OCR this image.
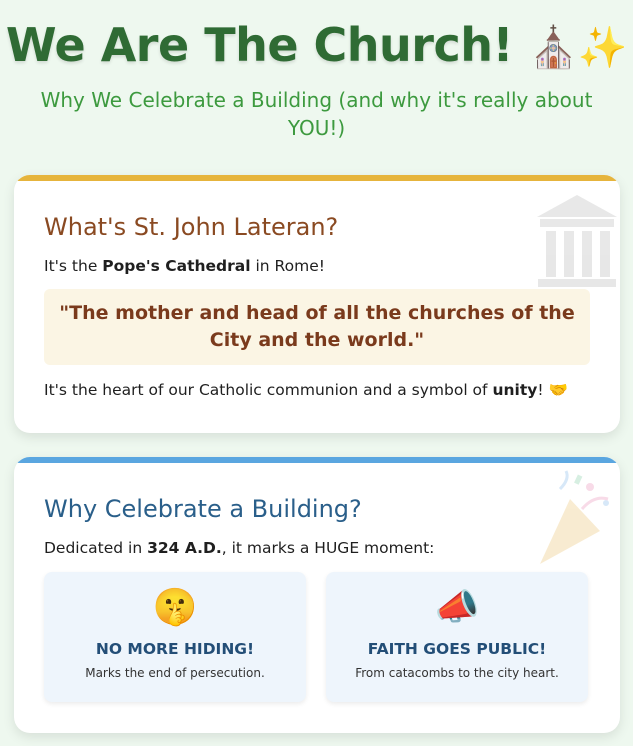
We Are The Church! ⛪✨
Why We Celebrate a Building (and why it's really about YOU!)
What's St. John Lateran?
It's the Pope's Cathedral in Rome!
"The mother and head of all the churches of the City and the world."
It's the heart of our Catholic communion and a symbol of unity! 🤝
Why Celebrate a Building?
Dedicated in 324 A.D., it marks a HUGE moment:
🤫
NO MORE HIDING!
Marks the end of persecution.
📣
FAITH GOES PUBLIC!
From catacombs to the city heart.
